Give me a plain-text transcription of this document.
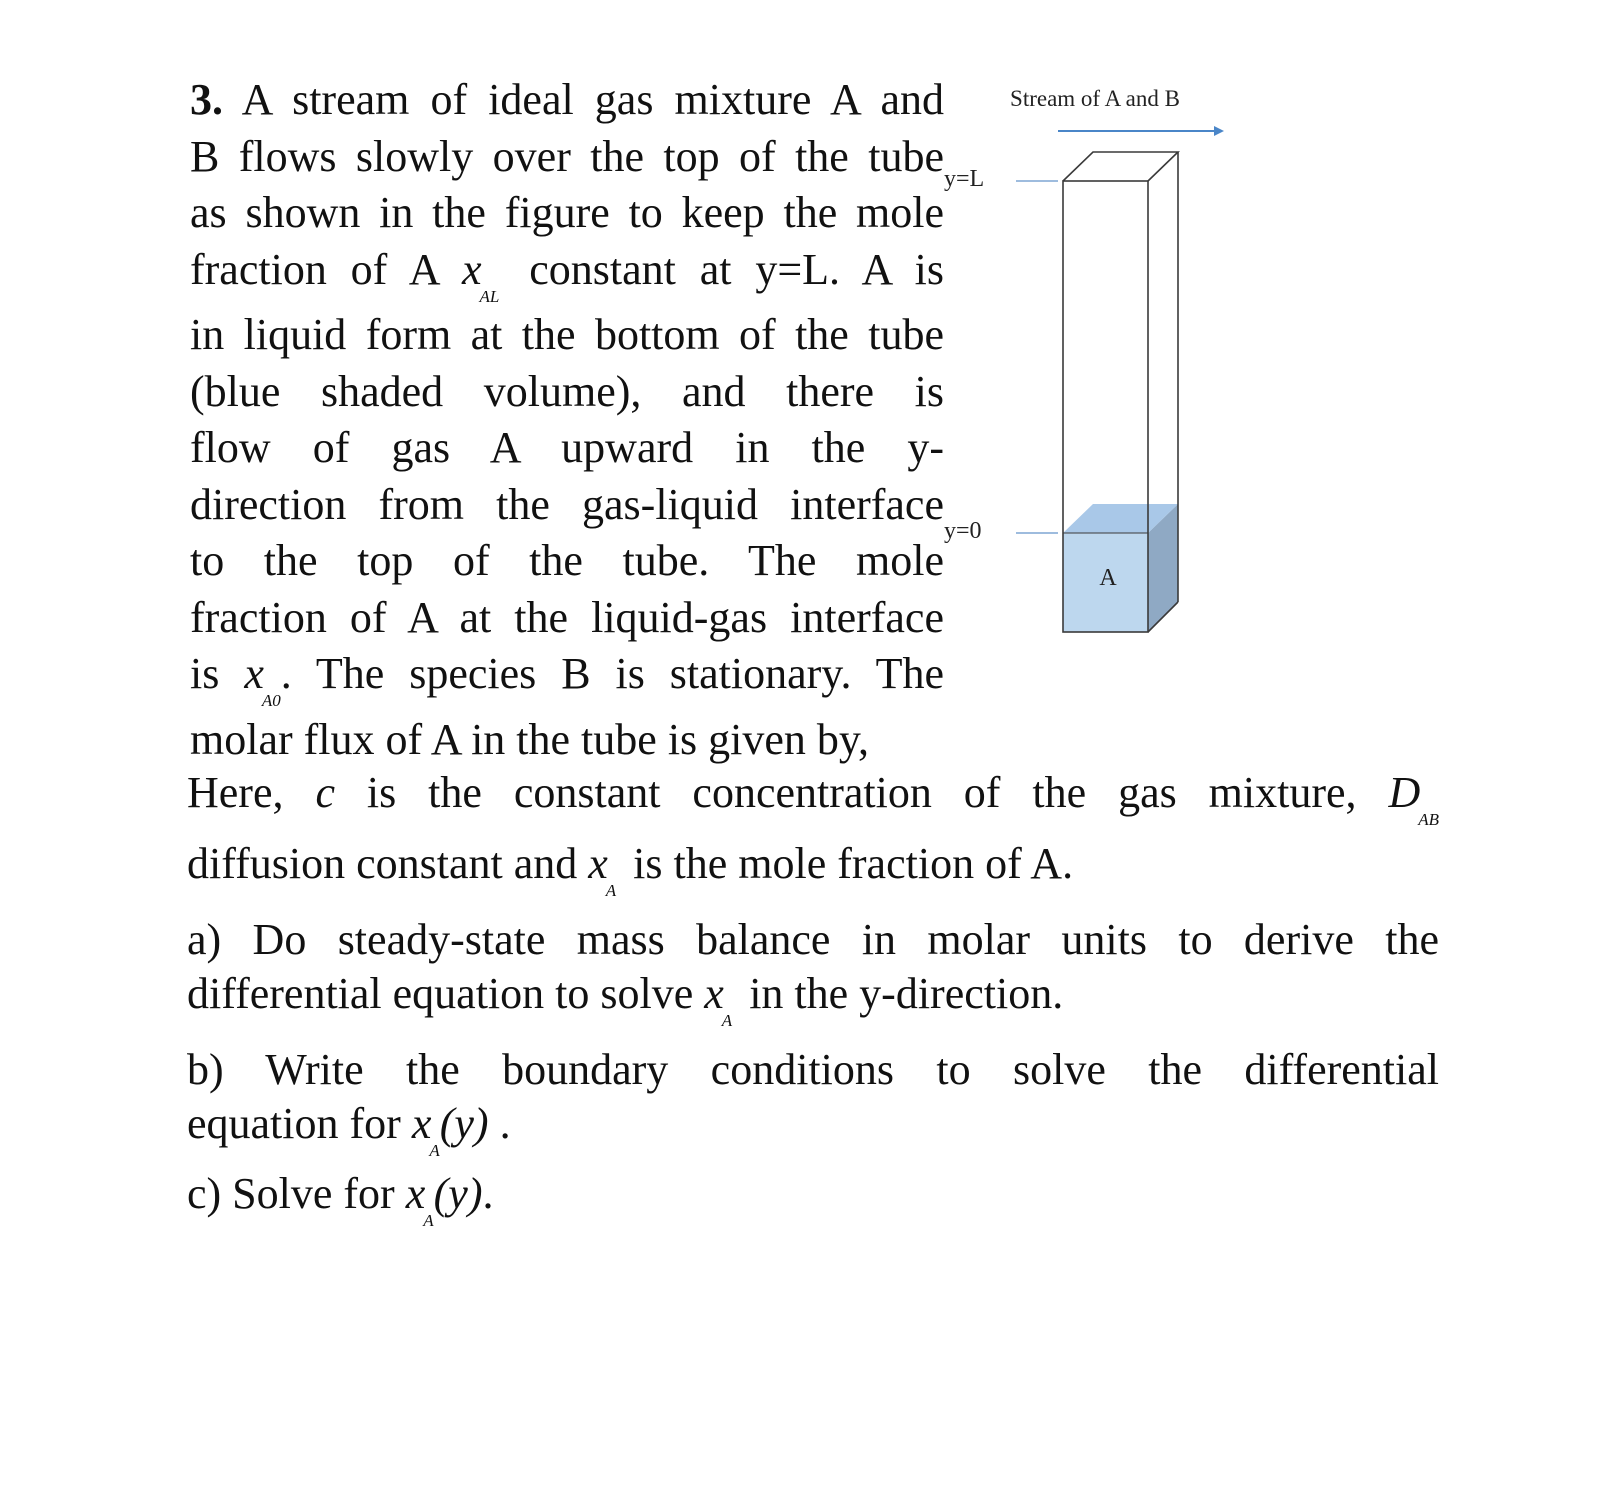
3. A stream of ideal gas mixture A and
B flows slowly over the top of the tube
as shown in the figure to keep the mole
fraction of A $x_{AL}$ constant at y=L. A is
in liquid form at the bottom of the tube
(blue shaded volume), and there is
flow of gas A upward in the y-
direction from the gas-liquid interface
to the top of the tube. The mole
fraction of A at the liquid-gas interface
is $x_{A0}$. The species B is stationary. The
molar flux of A in the tube is given by,
Here, c is the constant concentration of the gas mixture, $D_{AB}$
diffusion constant and $x_A$ is the mole fraction of A.
a) Do steady-state mass balance in molar units to derive the
differential equation to solve $x_A$ in the y-direction.
b) Write the boundary conditions to solve the differential
equation for $x_A(y)$ .
c) Solve for $x_A(y)$.
Stream of A and B
y=L
y=0
A
